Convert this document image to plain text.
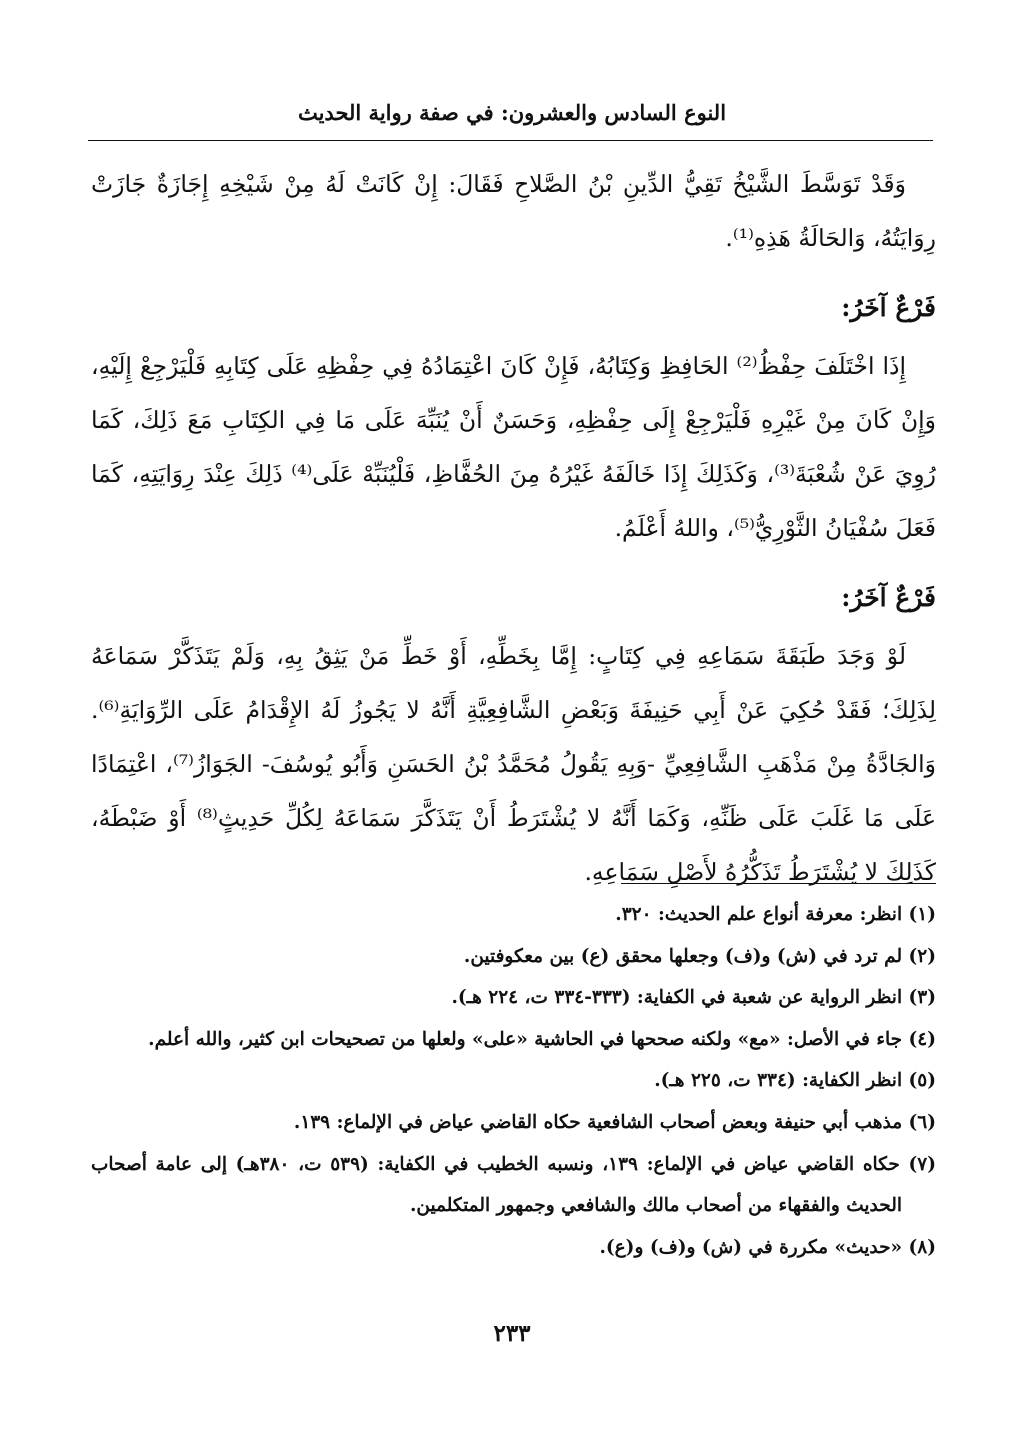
النوع السادس والعشرون: في صفة رواية الحديث

وَقَدْ تَوَسَّطَ الشَّيْخُ تَقِيُّ الدِّينِ بْنُ الصَّلاحِ فَقَالَ: إِنْ كَانَتْ لَهُ مِنْ شَيْخِهِ إِجَازَةٌ جَازَتْ رِوَايَتُهُ، وَالحَالَةُ هَذِهِ⁽¹⁾.

فَرْعٌ آخَرُ:

إِذَا اخْتَلَفَ حِفْظُ⁽²⁾ الحَافِظِ وَكِتَابُهُ، فَإِنْ كَانَ اعْتِمَادُهُ فِي حِفْظِهِ عَلَى كِتَابِهِ فَلْيَرْجِعْ إِلَيْهِ، وَإِنْ كَانَ مِنْ غَيْرِهِ فَلْيَرْجِعْ إِلَى حِفْظِهِ، وَحَسَنٌ أَنْ يُنَبِّهَ عَلَى مَا فِي الكِتَابِ مَعَ ذَلِكَ، كَمَا رُوِيَ عَنْ شُعْبَةَ⁽³⁾، وَكَذَلِكَ إِذَا خَالَفَهُ غَيْرُهُ مِنَ الحُفَّاظِ، فَلْيُنَبِّهْ عَلَى⁽⁴⁾ ذَلِكَ عِنْدَ رِوَايَتِهِ، كَمَا فَعَلَ سُفْيَانُ الثَّوْرِيُّ⁽⁵⁾، واللهُ أَعْلَمُ.

فَرْعٌ آخَرُ:

لَوْ وَجَدَ طَبَقَةَ سَمَاعِهِ فِي كِتَابٍ: إِمَّا بِخَطِّهِ، أَوْ خَطِّ مَنْ يَثِقُ بِهِ، وَلَمْ يَتَذَكَّرْ سَمَاعَهُ لِذَلِكَ؛ فَقَدْ حُكِيَ عَنْ أَبِي حَنِيفَةَ وَبَعْضِ الشَّافِعِيَّةِ أَنَّهُ لا يَجُوزُ لَهُ الإِقْدَامُ عَلَى الرِّوَايَةِ⁽⁶⁾. وَالجَادَّةُ مِنْ مَذْهَبِ الشَّافِعِيِّ -وَبِهِ يَقُولُ مُحَمَّدُ بْنُ الحَسَنِ وَأَبُو يُوسُفَ- الجَوَازُ⁽⁷⁾، اعْتِمَادًا عَلَى مَا غَلَبَ عَلَى ظَنِّهِ، وَكَمَا أَنَّهُ لا يُشْتَرَطُ أَنْ يَتَذَكَّرَ سَمَاعَهُ لِكُلِّ حَدِيثٍ⁽⁸⁾ أَوْ ضَبْطَهُ، كَذَلِكَ لا يُشْتَرَطُ تَذَكُّرُهُ لأَصْلِ سَمَاعِهِ.

(١) انظر: معرفة أنواع علم الحديث: ٣٢٠.
(٢) لم ترد في (ش) و(ف) وجعلها محقق (ع) بين معكوفتين.
(٣) انظر الرواية عن شعبة في الكفاية: (٣٣٣-٣٣٤ ت، ٢٢٤ هـ).
(٤) جاء في الأصل: «مع» ولكنه صححها في الحاشية «على» ولعلها من تصحيحات ابن كثير، والله أعلم.
(٥) انظر الكفاية: (٣٣٤ ت، ٢٢٥ هـ).
(٦) مذهب أبي حنيفة وبعض أصحاب الشافعية حكاه القاضي عياض في الإلماع: ١٣٩.
(٧) حكاه القاضي عياض في الإلماع: ١٣٩، ونسبه الخطيب في الكفاية: (٥٣٩ ت، ٣٨٠هـ) إلى عامة أصحاب الحديث والفقهاء من أصحاب مالك والشافعي وجمهور المتكلمين.
(٨) «حديث» مكررة في (ش) و(ف) و(ع).
٢٣٣
